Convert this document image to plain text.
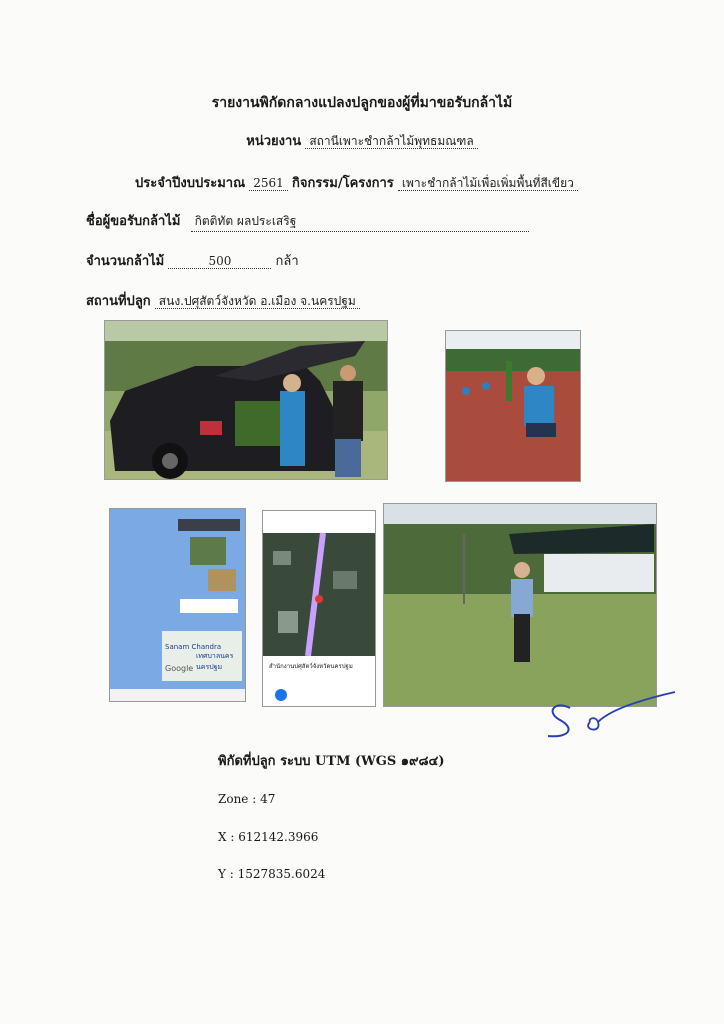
รายงานพิกัดกลางแปลงปลูกของผู้ที่มาขอรับกล้าไม้
หน่วยงาน สถานีเพาะชำกล้าไม้พุทธมณฑล
ประจำปีงบประมาณ 2561 กิจกรรม/โครงการ เพาะชำกล้าไม้เพื่อเพิ่มพื้นที่สีเขียว
ชื่อผู้ขอรับกล้าไม้ กิตติทัต ผลประเสริฐ
จำนวนกล้าไม้	500	กล้า
สถานที่ปลูก สนง.ปศุสัตว์จังหวัด อ.เมือง จ.นครปฐม
Sanam Chandra
เทศบาลนคร นครปฐม
Google	สำนักงานปศุสัตว์จังหวัดนครปฐม
พิกัดที่ปลูก ระบบ UTM (WGS ๑๙๘๔)
Zone : 47
X : 612142.3966
Y : 1527835.6024
